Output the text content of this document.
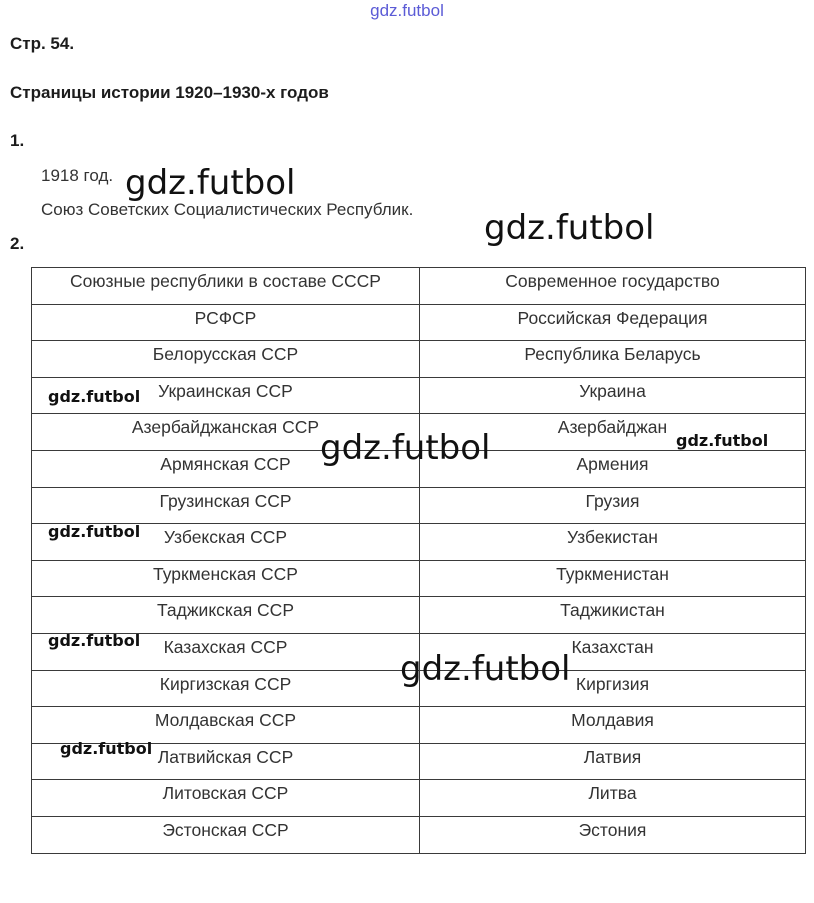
gdz.futbol
Стр. 54.
Страницы истории 1920–1930-х годов
1.
1918 год.
Союз Советских Социалистических Республик.
2.
Союзные республики в составе СССР	Современное государство
РСФСР	Российская Федерация
Белорусская ССР	Республика Беларусь
Украинская ССР	Украина
Азербайджанская ССР	Азербайджан
Армянская ССР	Армения
Грузинская ССР	Грузия
Узбекская ССР	Узбекистан
Туркменская ССР	Туркменистан
Таджикская ССР	Таджикистан
Казахская ССР	Казахстан
Киргизская ССР	Киргизия
Молдавская ССР	Молдавия
Латвийская ССР	Латвия
Литовская ССР	Литва
Эстонская ССР	Эстония
gdz.futbol
gdz.futbol
gdz.futbol
gdz.futbol
gdz.futbol
gdz.futbol
gdz.futbol
gdz.futbol
gdz.futbol
